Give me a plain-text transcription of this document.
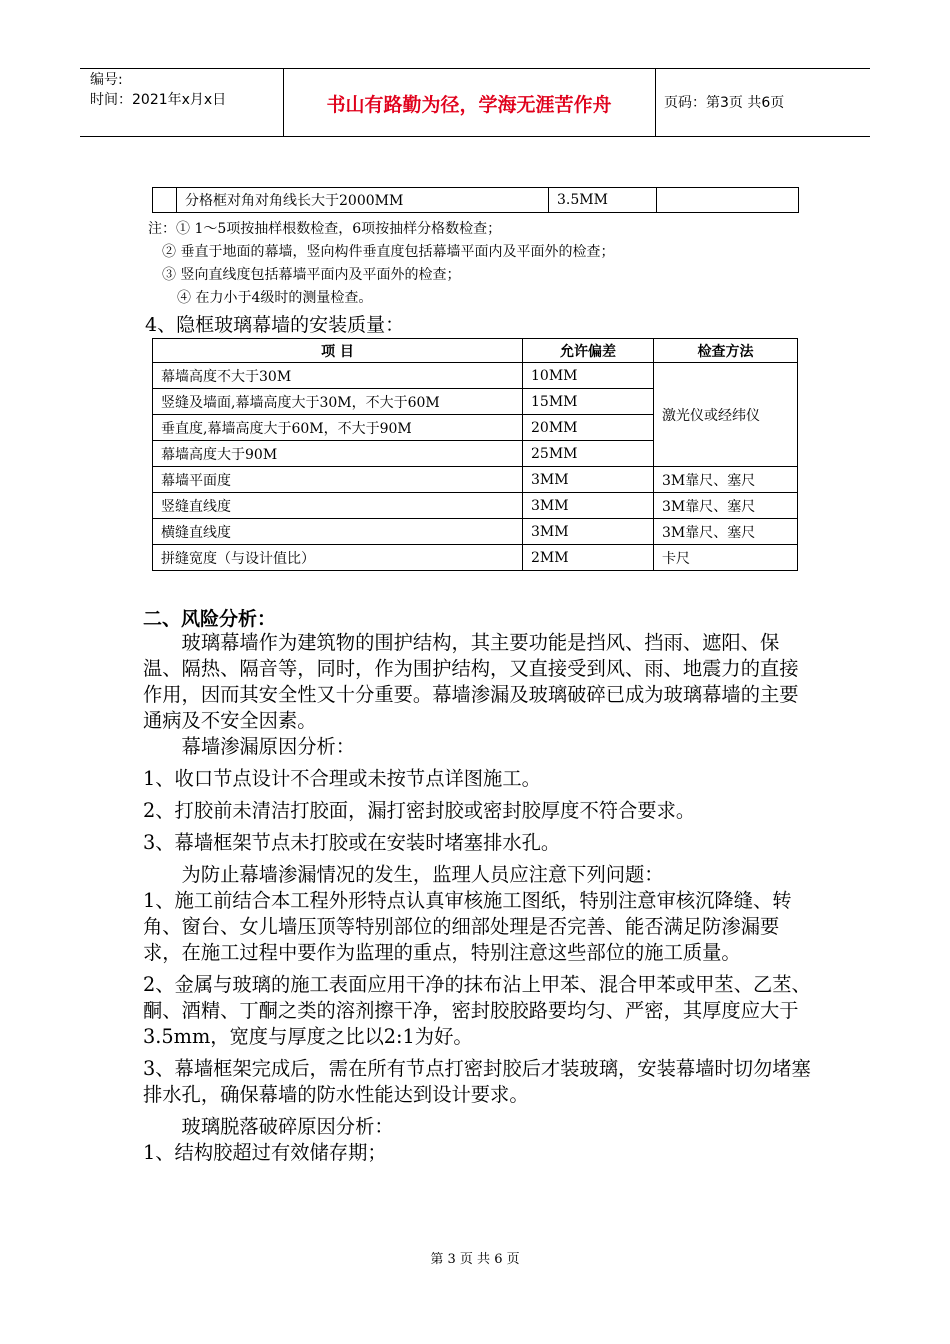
编号:
时间：2021年x月x日	书山有路勤为径，学海无涯苦作舟	页码：第3页 共6页
	分格框对角对角线长大于2000MM	3.5MM	
注：① 1～5项按抽样根数检查，6项按抽样分格数检查；
② 垂直于地面的幕墙，竖向构件垂直度包括幕墙平面内及平面外的检查；
③ 竖向直线度包括幕墙平面内及平面外的检查；
④ 在力小于4级时的测量检查。
4、隐框玻璃幕墙的安装质量：
项 目	允许偏差	检查方法
幕墙高度不大于30M	10MM	激光仪或经纬仪
竖缝及墙面,幕墙高度大于30M，不大于60M	15MM	
垂直度,幕墙高度大于60M，不大于90M	20MM	
幕墙高度大于90M	25MM	
幕墙平面度	3MM	3M靠尺、塞尺
竖缝直线度	3MM	3M靠尺、塞尺
横缝直线度	3MM	3M靠尺、塞尺
拼缝宽度（与设计值比）	2MM	卡尺
二、风险分析：

　　玻璃幕墙作为建筑物的围护结构，其主要功能是挡风、挡雨、遮阳、保温、隔热、隔音等，同时，作为围护结构，又直接受到风、雨、地震力的直接作用，因而其安全性又十分重要。幕墙渗漏及玻璃破碎已成为玻璃幕墙的主要通病及不安全因素。

　　幕墙渗漏原因分析：

1、收口节点设计不合理或未按节点详图施工。

2、打胶前未清洁打胶面，漏打密封胶或密封胶厚度不符合要求。

3、幕墙框架节点未打胶或在安装时堵塞排水孔。

　　为防止幕墙渗漏情况的发生，监理人员应注意下列问题：

1、施工前结合本工程外形特点认真审核施工图纸，特别注意审核沉降缝、转角、窗台、女儿墙压顶等特别部位的细部处理是否完善、能否满足防渗漏要求，在施工过程中要作为监理的重点，特别注意这些部位的施工质量。

2、金属与玻璃的施工表面应用干净的抹布沾上甲苯、混合甲苯或甲苤、乙苤、酮、酒精、丁酮之类的溶剂擦干净，密封胶胶路要均匀、严密，其厚度应大于3.5mm，宽度与厚度之比以2:1为好。

3、幕墙框架完成后，需在所有节点打密封胶后才装玻璃，安装幕墙时切勿堵塞排水孔，确保幕墙的防水性能达到设计要求。

　　玻璃脱落破碎原因分析：

1、结构胶超过有效储存期；

第 3 页 共 6 页
